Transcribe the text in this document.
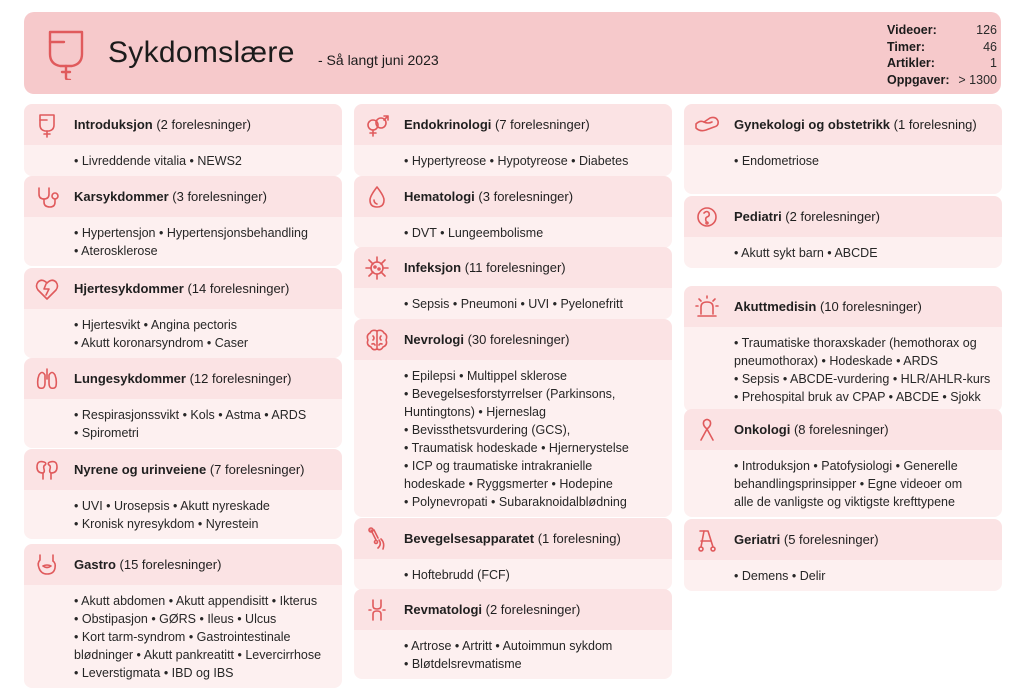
Sykdomslære - Så langt juni 2023
Videoer:	126
Timer:	46
Artikler:	1
Oppgaver: > 1300
Introduksjon (2 forelesninger)
• Livreddende vitalia • NEWS2
Karsykdommer (3 forelesninger)
• Hypertensjon • Hypertensjonsbehandling
• Aterosklerose
Hjertesykdommer (14 forelesninger)
• Hjertesvikt • Angina pectoris
• Akutt koronarsyndrom • Caser
Lungesykdommer (12 forelesninger)
• Respirasjonssvikt • Kols • Astma • ARDS
• Spirometri
Nyrene og urinveiene (7 forelesninger)
• UVI • Urosepsis • Akutt nyreskade
• Kronisk nyresykdom • Nyrestein
Gastro (15 forelesninger)
• Akutt abdomen • Akutt appendisitt • Ikterus
• Obstipasjon • GØRS • Ileus • Ulcus
• Kort tarm-syndrom • Gastrointestinale
blødninger • Akutt pankreatitt • Levercirrhose
• Leverstigmata • IBD og IBS
Endokrinologi (7 forelesninger)
• Hypertyreose • Hypotyreose • Diabetes
Hematologi (3 forelesninger)
• DVT • Lungeembolisme
Infeksjon (11 forelesninger)
• Sepsis • Pneumoni • UVI • Pyelonefritt
Nevrologi (30 forelesninger)
• Epilepsi • Multippel sklerose
• Bevegelsesforstyrrelser (Parkinsons,
Huntingtons) • Hjerneslag
• Bevissthetsvurdering (GCS),
• Traumatisk hodeskade • Hjernerystelse
• ICP og traumatiske intrakranielle
hodeskade • Ryggsmerter • Hodepine
• Polynevropati • Subaraknoidalblødning
Bevegelsesapparatet (1 forelesning)
• Hoftebrudd (FCF)
Revmatologi (2 forelesninger)
• Artrose • Artritt • Autoimmun sykdom
• Bløtdelsrevmatisme
Gynekologi og obstetrikk (1 forelesning)
• Endometriose

Pediatri (2 forelesninger)
• Akutt sykt barn • ABCDE
Akuttmedisin (10 forelesninger)
• Traumatiske thoraxskader (hemothorax og
pneumothorax) • Hodeskade • ARDS
• Sepsis • ABCDE-vurdering • HLR/AHLR-kurs
• Prehospital bruk av CPAP • ABCDE • Sjokk
Onkologi (8 forelesninger)
• Introduksjon • Patofysiologi • Generelle
behandlingsprinsipper • Egne videoer om
alle de vanligste og viktigste krefttypene
Geriatri (5 forelesninger)
• Demens • Delir
